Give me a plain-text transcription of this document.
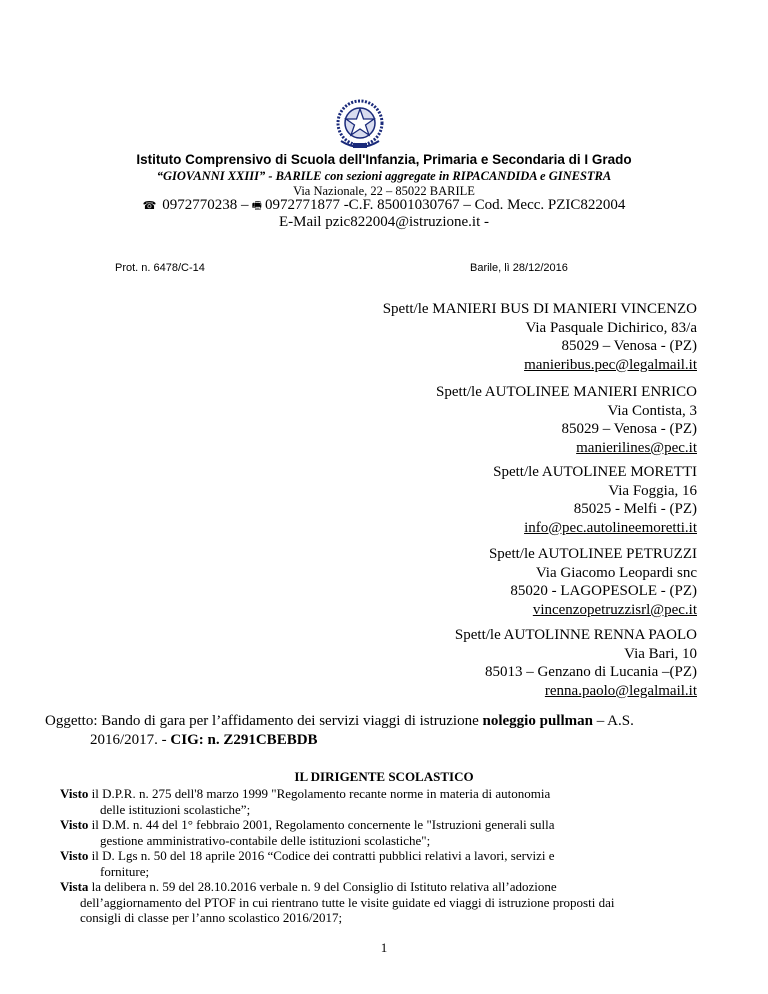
Istituto Comprensivo di Scuola dell'Infanzia, Primaria e Secondaria di I Grado
“GIOVANNI XXIII” - BARILE con sezioni aggregate in RIPACANDIDA e GINESTRA
Via Nazionale, 22 – 85022 BARILE
☎ 0972770238 – 🖷 0972771877 -C.F. 85001030767 – Cod. Mecc. PZIC822004
E-Mail pzic822004@istruzione.it -
Prot. n. 6478/C-14	Barile, lì 28/12/2016
Spett/le MANIERI BUS DI MANIERI VINCENZO
Via Pasquale Dichirico, 83/a
85029 – Venosa - (PZ)
manieribus.pec@legalmail.it
Spett/le AUTOLINEE MANIERI ENRICO
Via Contista, 3
85029 – Venosa - (PZ)
manierilines@pec.it
Spett/le AUTOLINEE MORETTI
Via Foggia, 16
85025 - Melfi - (PZ)
info@pec.autolineemoretti.it
Spett/le AUTOLINEE PETRUZZI
Via Giacomo Leopardi snc
85020 - LAGOPESOLE - (PZ)
vincenzopetruzzisrl@pec.it
Spett/le AUTOLINNE RENNA PAOLO
Via Bari, 10
85013 – Genzano di Lucania –(PZ)
renna.paolo@legalmail.it
Oggetto: Bando di gara per l’affidamento dei servizi viaggi di istruzione noleggio pullman – A.S.
2016/2017. - CIG: n. Z291CBEBDB
IL DIRIGENTE SCOLASTICO
Visto il D.P.R. n. 275 dell'8 marzo 1999 "Regolamento recante norme in materia di autonomia
delle istituzioni scolastiche”;
Visto il D.M. n. 44 del 1° febbraio 2001, Regolamento concernente le "Istruzioni generali sulla
gestione amministrativo-contabile delle istituzioni scolastiche";
Visto il D. Lgs n. 50 del 18 aprile 2016 “Codice dei contratti pubblici relativi a lavori, servizi e
forniture;
Vista la delibera n. 59 del 28.10.2016 verbale n. 9 del Consiglio di Istituto relativa all’adozione
dell’aggiornamento del PTOF in cui rientrano tutte le visite guidate ed viaggi di istruzione proposti dai
consigli di classe per l’anno scolastico 2016/2017;
1
